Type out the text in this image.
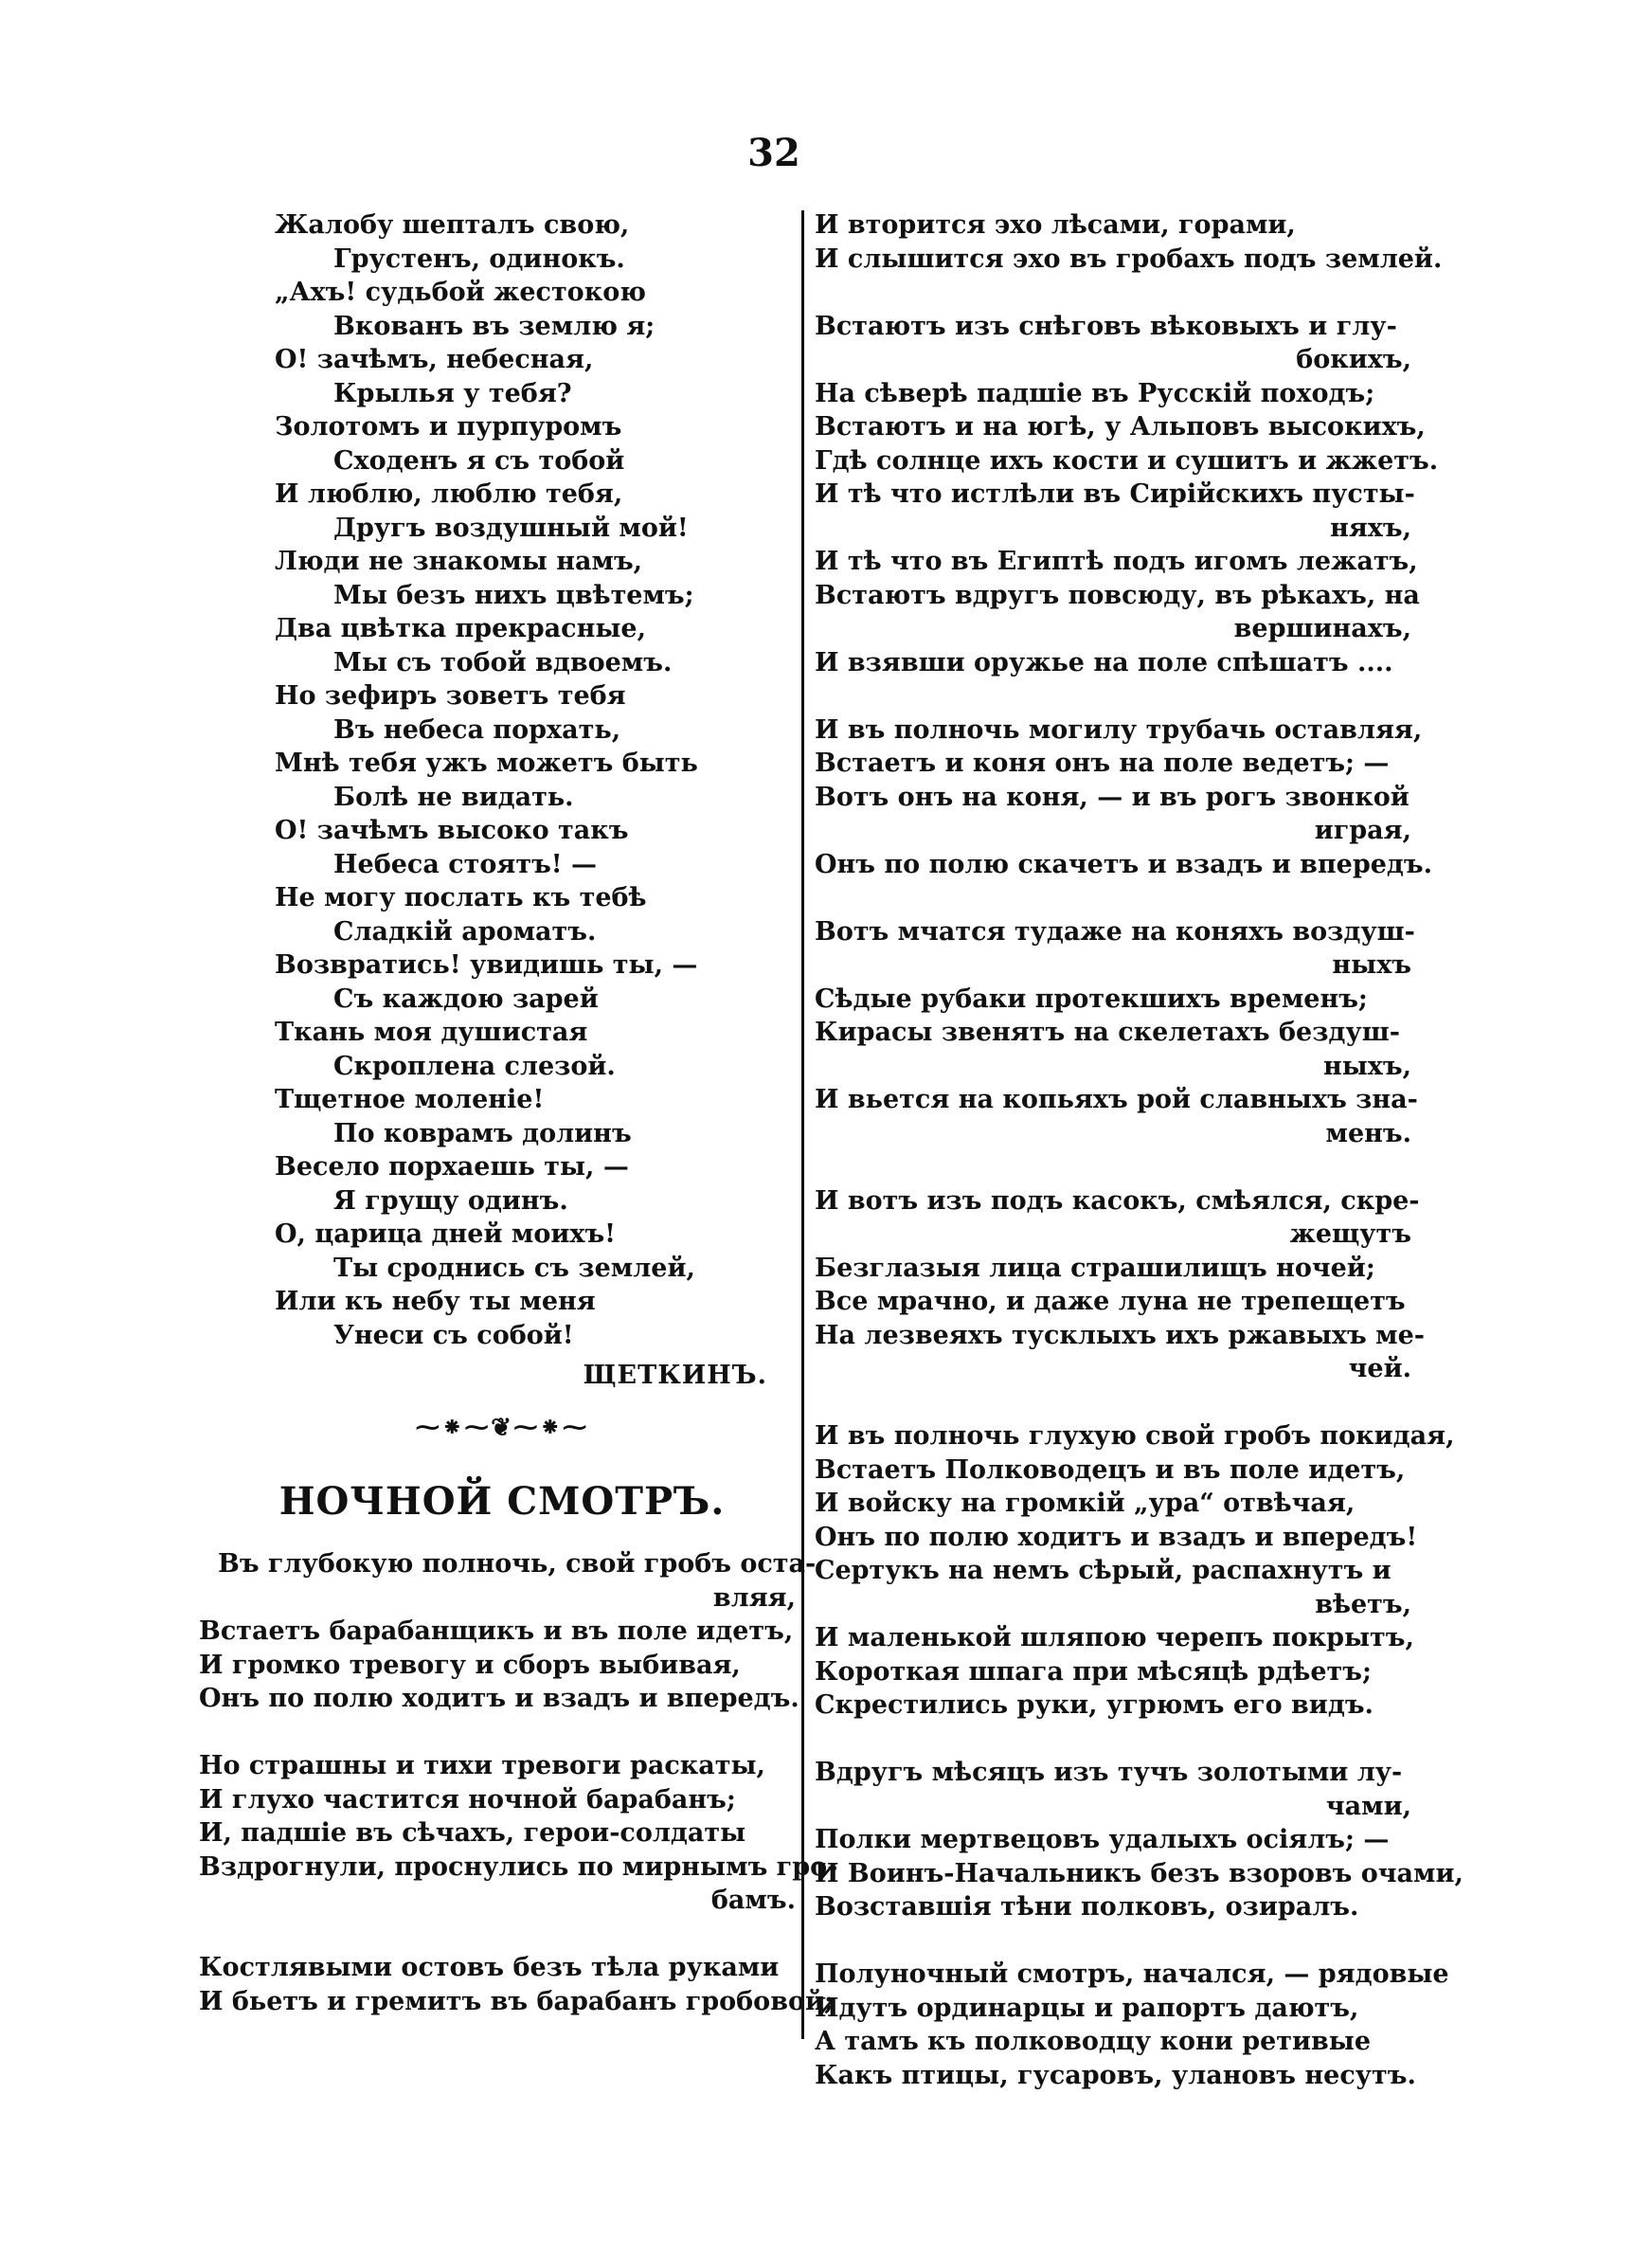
32
Жалобу шепталъ свою,
Грустенъ, одинокъ.
„Ахъ! судьбой жестокою
Вкованъ въ землю я;
О! зачѣмъ, небесная,
Крылья у тебя?
Золотомъ и пурпуромъ
Сходенъ я съ тобой
И люблю, люблю тебя,
Другъ воздушный мой!
Люди не знакомы намъ,
Мы безъ нихъ цвѣтемъ;
Два цвѣтка прекрасные,
Мы съ тобой вдвоемъ.
Но зефиръ зоветъ тебя
Въ небеса порхать,
Мнѣ тебя ужъ можетъ быть
Болѣ не видать.
О! зачѣмъ высоко такъ
Небеса стоятъ! —
Не могу послать къ тебѣ
Сладкій ароматъ.
Возвратись! увидишь ты, —
Съ каждою зарей
Ткань моя душистая
Скроплена слезой.
Тщетное моленіе!
По коврамъ долинъ
Весело порхаешь ты, —
Я грущу одинъ.
О, царица дней моихъ!
Ты сроднись съ землей,
Или къ небу ты меня
Унеси съ собой!
ЩЕТКИНЪ.
⁓⁕⁓❦⁓⁕⁓
НОЧНОЙ СМОТРЪ.
Въ глубокую полночь, свой гробъ оста-
вляя,
Встаетъ барабанщикъ и въ поле идетъ,
И громко тревогу и сборъ выбивая,
Онъ по полю ходитъ и взадъ и впередъ.
Но страшны и тихи тревоги раскаты,
И глухо частится ночной барабанъ;
И, падшіе въ сѣчахъ, герои-солдаты
Вздрогнули, проснулись по мирнымъ гро-
бамъ.
Костлявыми остовъ безъ тѣла руками
И бьетъ и гремитъ въ барабанъ гробовой;
И вторится эхо лѣсами, горами,
И слышится эхо въ гробахъ подъ землей.
Встаютъ изъ снѣговъ вѣковыхъ и глу-
бокихъ,
На сѣверѣ падшіе въ Русскій походъ;
Встаютъ и на югѣ, у Альповъ высокихъ,
Гдѣ солнце ихъ кости и сушитъ и жжетъ.
И тѣ что истлѣли въ Сирійскихъ пусты-
няхъ,
И тѣ что въ Египтѣ подъ игомъ лежатъ,
Встаютъ вдругъ повсюду, въ рѣкахъ, на
вершинахъ,
И взявши оружье на поле спѣшатъ ....
И въ полночь могилу трубачь оставляя,
Встаетъ и коня онъ на поле ведетъ; —
Вотъ онъ на коня, — и въ рогъ звонкой
играя,
Онъ по полю скачетъ и взадъ и впередъ.
Вотъ мчатся тудаже на коняхъ воздуш-
ныхъ
Сѣдые рубаки протекшихъ временъ;
Кирасы звенятъ на скелетахъ бездуш-
ныхъ,
И вьется на копьяхъ рой славныхъ зна-
менъ.
И вотъ изъ подъ касокъ, смѣялся, скре-
жещутъ
Безглазыя лица страшилищъ ночей;
Все мрачно, и даже луна не трепещетъ
На лезвеяхъ тусклыхъ ихъ ржавыхъ ме-
чей.
И въ полночь глухую свой гробъ покидая,
Встаетъ Полководецъ и въ поле идетъ,
И войску на громкій „ура“ отвѣчая,
Онъ по полю ходитъ и взадъ и впередъ!
Сертукъ на немъ сѣрый, распахнутъ и
вѣетъ,
И маленькой шляпою черепъ покрытъ,
Короткая шпага при мѣсяцѣ рдѣетъ;
Скрестились руки, угрюмъ его видъ.
Вдругъ мѣсяцъ изъ тучъ золотыми лу-
чами,
Полки мертвецовъ удалыхъ осіялъ; —
И Воинъ-Начальникъ безъ взоровъ очами,
Возставшія тѣни полковъ, озиралъ.
Полуночный смотръ, начался, — рядовые
Идутъ ординарцы и рапортъ даютъ,
А тамъ къ полководцу кони ретивые
Какъ птицы, гусаровъ, улановъ несутъ.
